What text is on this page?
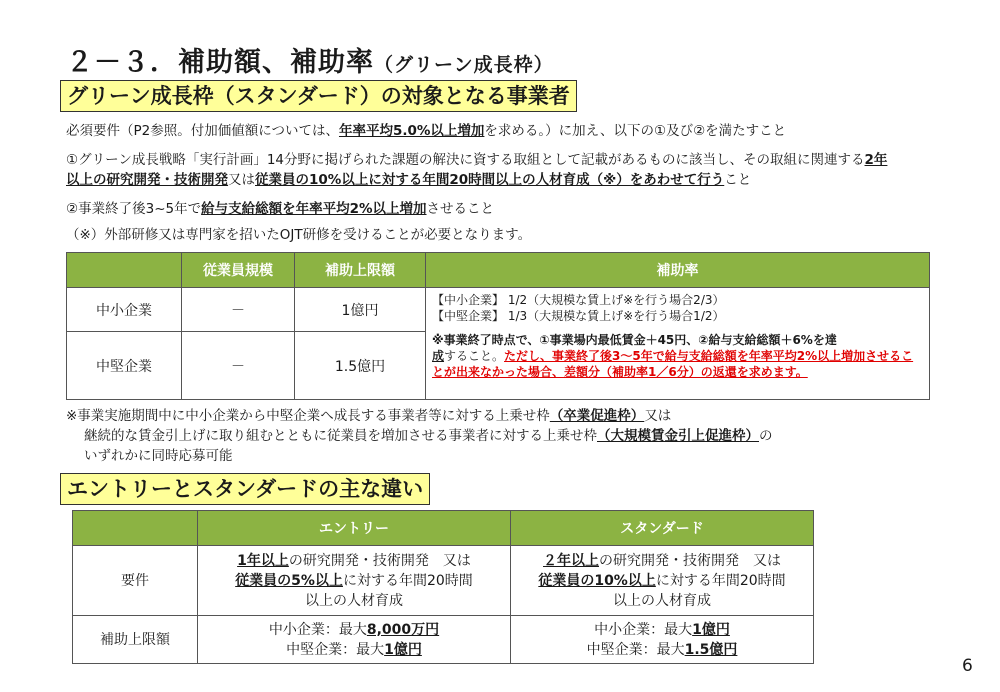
２－３．補助額、補助率（グリーン成長枠）
グリーン成長枠（スタンダード）の対象となる事業者
必須要件（P2参照。付加価値額については、年率平均5.0%以上増加を求める。）に加え、以下の①及び②を満たすこと
①グリーン成長戦略「実行計画」14分野に掲げられた課題の解決に資する取組として記載があるものに該当し、その取組に関連する2年
以上の研究開発・技術開発又は従業員の10%以上に対する年間20時間以上の人材育成（※）をあわせて行うこと
②事業終了後3~5年で給与支給総額を年率平均2%以上増加させること
（※）外部研修又は専門家を招いたOJT研修を受けることが必要となります。
	従業員規模	補助上限額	補助率
中小企業	－	1億円	【中小企業】 1/2（大規模な賃上げ※を行う場合2/3）
【中堅企業】 1/3（大規模な賃上げ※を行う場合1/2）
※事業終了時点で、①事業場内最低賃金＋45円、②給与支給総額＋6%を達
成すること。ただし、事業終了後3～5年で給与支給総額を年率平均2%以上増加させることが出来なかった場合、差額分（補助率1／6分）の返還を求めます。

中堅企業	－	1.5億円	
※事業実施期間中に中小企業から中堅企業へ成長する事業者等に対する上乗せ枠（卒業促進枠）又は
継続的な賃金引上げに取り組むとともに従業員を増加させる事業者に対する上乗せ枠（大規模賃金引上促進枠）の
いずれかに同時応募可能
エントリーとスタンダードの主な違い
	エントリー	スタンダード
要件	1年以上の研究開発・技術開発　又は
従業員の5%以上に対する年間20時間
以上の人材育成	２年以上の研究開発・技術開発　又は
従業員の10%以上に対する年間20時間
以上の人材育成
補助上限額	中小企業：最大8,000万円
中堅企業：最大1億円	中小企業：最大1億円
中堅企業：最大1.5億円
6
